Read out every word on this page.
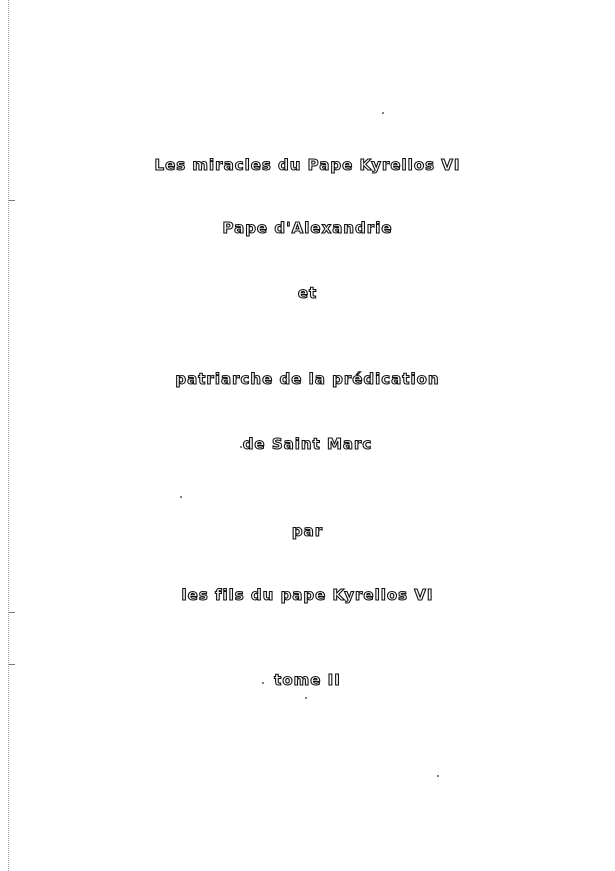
Les miracles du Pape Kyrellos VI
Pape d'Alexandrie
et
patriarche de la prédication
de Saint Marc
par
les fils du pape Kyrellos VI
tome II
